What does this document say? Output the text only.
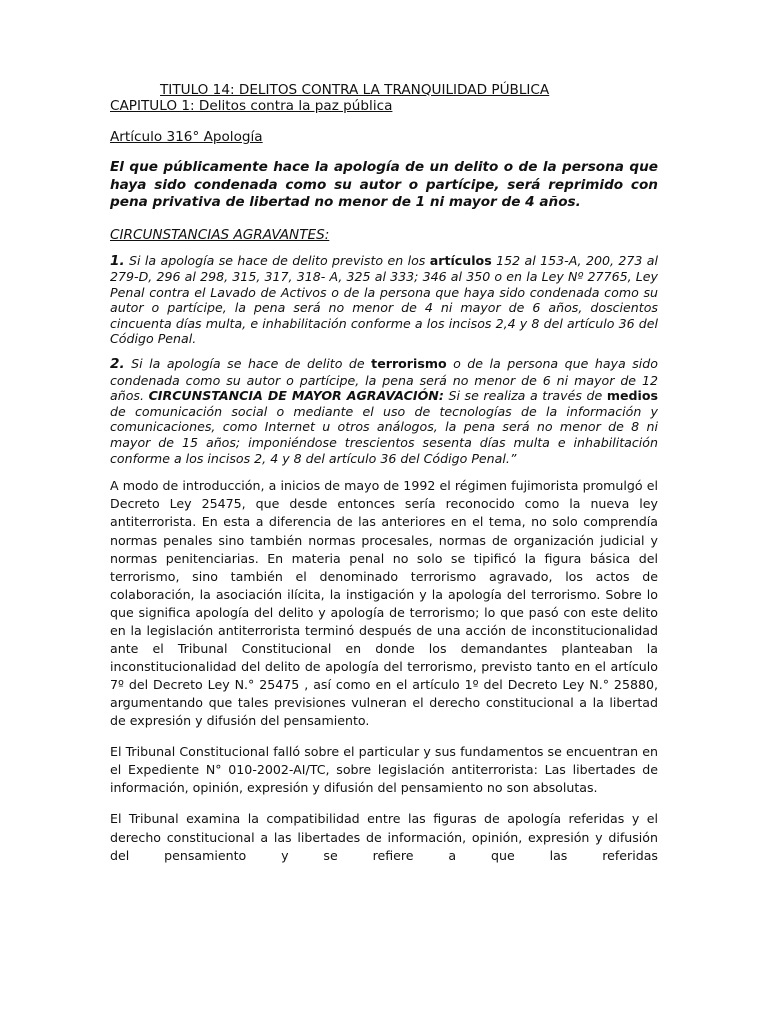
TITULO 14: DELITOS CONTRA LA TRANQUILIDAD PÚBLICA
CAPITULO 1: Delitos contra la paz pública
Artículo 316° Apología
El que públicamente hace la apología de un delito o de la persona que haya sido condenada como su autor o partícipe, será reprimido con pena privativa de libertad no menor de 1 ni mayor de 4 años.
CIRCUNSTANCIAS AGRAVANTES:
1. Si la apología se hace de delito previsto en los artículos 152 al 153-A, 200, 273 al 279-D, 296 al 298, 315, 317, 318- A, 325 al 333; 346 al 350 o en la Ley Nº 27765, Ley Penal contra el Lavado de Activos o de la persona que haya sido condenada como su autor o partícipe, la pena será no menor de 4 ni mayor de 6 años, doscientos cincuenta días multa, e inhabilitación conforme a los incisos 2,4 y 8 del artículo 36 del Código Penal.
2. Si la apología se hace de delito de terrorismo o de la persona que haya sido condenada como su autor o partícipe, la pena será no menor de 6 ni mayor de 12 años. CIRCUNSTANCIA DE MAYOR AGRAVACIÓN: Si se realiza a través de medios de comunicación social o mediante el uso de tecnologías de la información y comunicaciones, como Internet u otros análogos, la pena será no menor de 8 ni mayor de 15 años; imponiéndose trescientos sesenta días multa e inhabilitación conforme a los incisos 2, 4 y 8 del artículo 36 del Código Penal.”

A modo de introducción, a inicios de mayo de 1992 el régimen fujimorista promulgó el Decreto Ley 25475, que desde entonces sería reconocido como la nueva ley antiterrorista. En esta a diferencia de las anteriores en el tema, no solo comprendía normas penales sino también normas procesales, normas de organización judicial y normas penitenciarias. En materia penal no solo se tipificó la figura básica del terrorismo, sino también el denominado terrorismo agravado, los actos de colaboración, la asociación ilícita, la instigación y la apología del terrorismo. Sobre lo que significa apología del delito y apología de terrorismo; lo que pasó con este delito en la legislación antiterrorista terminó después de una acción de inconstitucionalidad ante el Tribunal Constitucional en donde los demandantes planteaban la inconstitucionalidad del delito de apología del terrorismo, previsto tanto en el artículo 7º del Decreto Ley N.° 25475 , así como en el artículo 1º del Decreto Ley N.° 25880, argumentando que tales previsiones vulneran el derecho constitucional a la libertad de expresión y difusión del pensamiento.

El Tribunal Constitucional falló sobre el particular y sus fundamentos se encuentran en el Expediente N° 010-2002-AI/TC, sobre legislación antiterrorista: Las libertades de información, opinión, expresión y difusión del pensamiento no son absolutas.

El Tribunal examina la compatibilidad entre las figuras de apología referidas y el derecho constitucional a las libertades de información, opinión, expresión y difusión del pensamiento y se refiere a que las referidas
